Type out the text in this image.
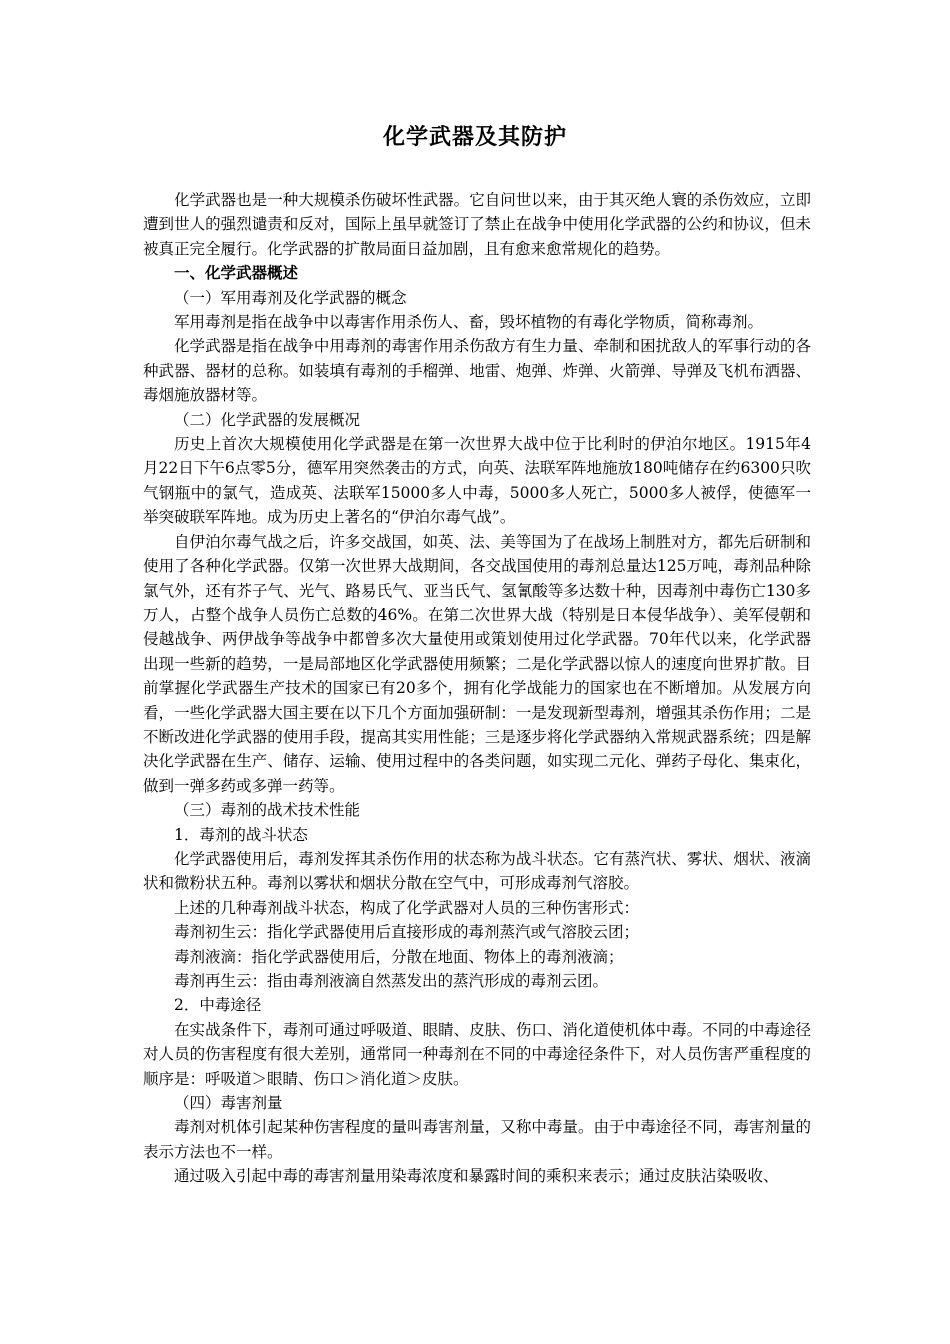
化学武器及其防护

化学武器也是一种大规模杀伤破坏性武器。它自问世以来，由于其灭绝人寰的杀伤效应，立即遭到世人的强烈谴责和反对，国际上虽早就签订了禁止在战争中使用化学武器的公约和协议，但未被真正完全履行。化学武器的扩散局面日益加剧，且有愈来愈常规化的趋势。

一、化学武器概述

（一）军用毒剂及化学武器的概念

军用毒剂是指在战争中以毒害作用杀伤人、畜，毁坏植物的有毒化学物质，简称毒剂。

化学武器是指在战争中用毒剂的毒害作用杀伤敌方有生力量、牵制和困扰敌人的军事行动的各种武器、器材的总称。如装填有毒剂的手榴弹、地雷、炮弹、炸弹、火箭弹、导弹及飞机布洒器、毒烟施放器材等。

（二）化学武器的发展概况

历史上首次大规模使用化学武器是在第一次世界大战中位于比利时的伊泊尔地区。1915年4月22日下午6点零5分，德军用突然袭击的方式，向英、法联军阵地施放180吨储存在约6300只吹气钢瓶中的氯气，造成英、法联军15000多人中毒，5000多人死亡，5000多人被俘，使德军一举突破联军阵地。成为历史上著名的“伊泊尔毒气战”。

自伊泊尔毒气战之后，许多交战国，如英、法、美等国为了在战场上制胜对方，都先后研制和使用了各种化学武器。仅第一次世界大战期间，各交战国使用的毒剂总量达125万吨，毒剂品种除氯气外，还有芥子气、光气、路易氏气、亚当氏气、氢氰酸等多达数十种，因毒剂中毒伤亡130多万人，占整个战争人员伤亡总数的46%。在第二次世界大战（特别是日本侵华战争）、美军侵朝和侵越战争、两伊战争等战争中都曾多次大量使用或策划使用过化学武器。70年代以来，化学武器出现一些新的趋势，一是局部地区化学武器使用频繁；二是化学武器以惊人的速度向世界扩散。目前掌握化学武器生产技术的国家已有20多个，拥有化学战能力的国家也在不断增加。从发展方向看，一些化学武器大国主要在以下几个方面加强研制：一是发现新型毒剂，增强其杀伤作用；二是不断改进化学武器的使用手段，提高其实用性能；三是逐步将化学武器纳入常规武器系统；四是解决化学武器在生产、储存、运输、使用过程中的各类问题，如实现二元化、弹药子母化、集束化，做到一弹多药或多弹一药等。

（三）毒剂的战术技术性能

1．毒剂的战斗状态

化学武器使用后，毒剂发挥其杀伤作用的状态称为战斗状态。它有蒸汽状、雾状、烟状、液滴状和微粉状五种。毒剂以雾状和烟状分散在空气中，可形成毒剂气溶胶。

上述的几种毒剂战斗状态，构成了化学武器对人员的三种伤害形式：

毒剂初生云：指化学武器使用后直接形成的毒剂蒸汽或气溶胶云团；

毒剂液滴：指化学武器使用后，分散在地面、物体上的毒剂液滴；

毒剂再生云：指由毒剂液滴自然蒸发出的蒸汽形成的毒剂云团。

2．中毒途径

在实战条件下，毒剂可通过呼吸道、眼睛、皮肤、伤口、消化道使机体中毒。不同的中毒途径对人员的伤害程度有很大差别，通常同一种毒剂在不同的中毒途径条件下，对人员伤害严重程度的顺序是：呼吸道＞眼睛、伤口＞消化道＞皮肤。

（四）毒害剂量

毒剂对机体引起某种伤害程度的量叫毒害剂量，又称中毒量。由于中毒途径不同，毒害剂量的表示方法也不一样。

通过吸入引起中毒的毒害剂量用染毒浓度和暴露时间的乘积来表示；通过皮肤沾染吸收、
